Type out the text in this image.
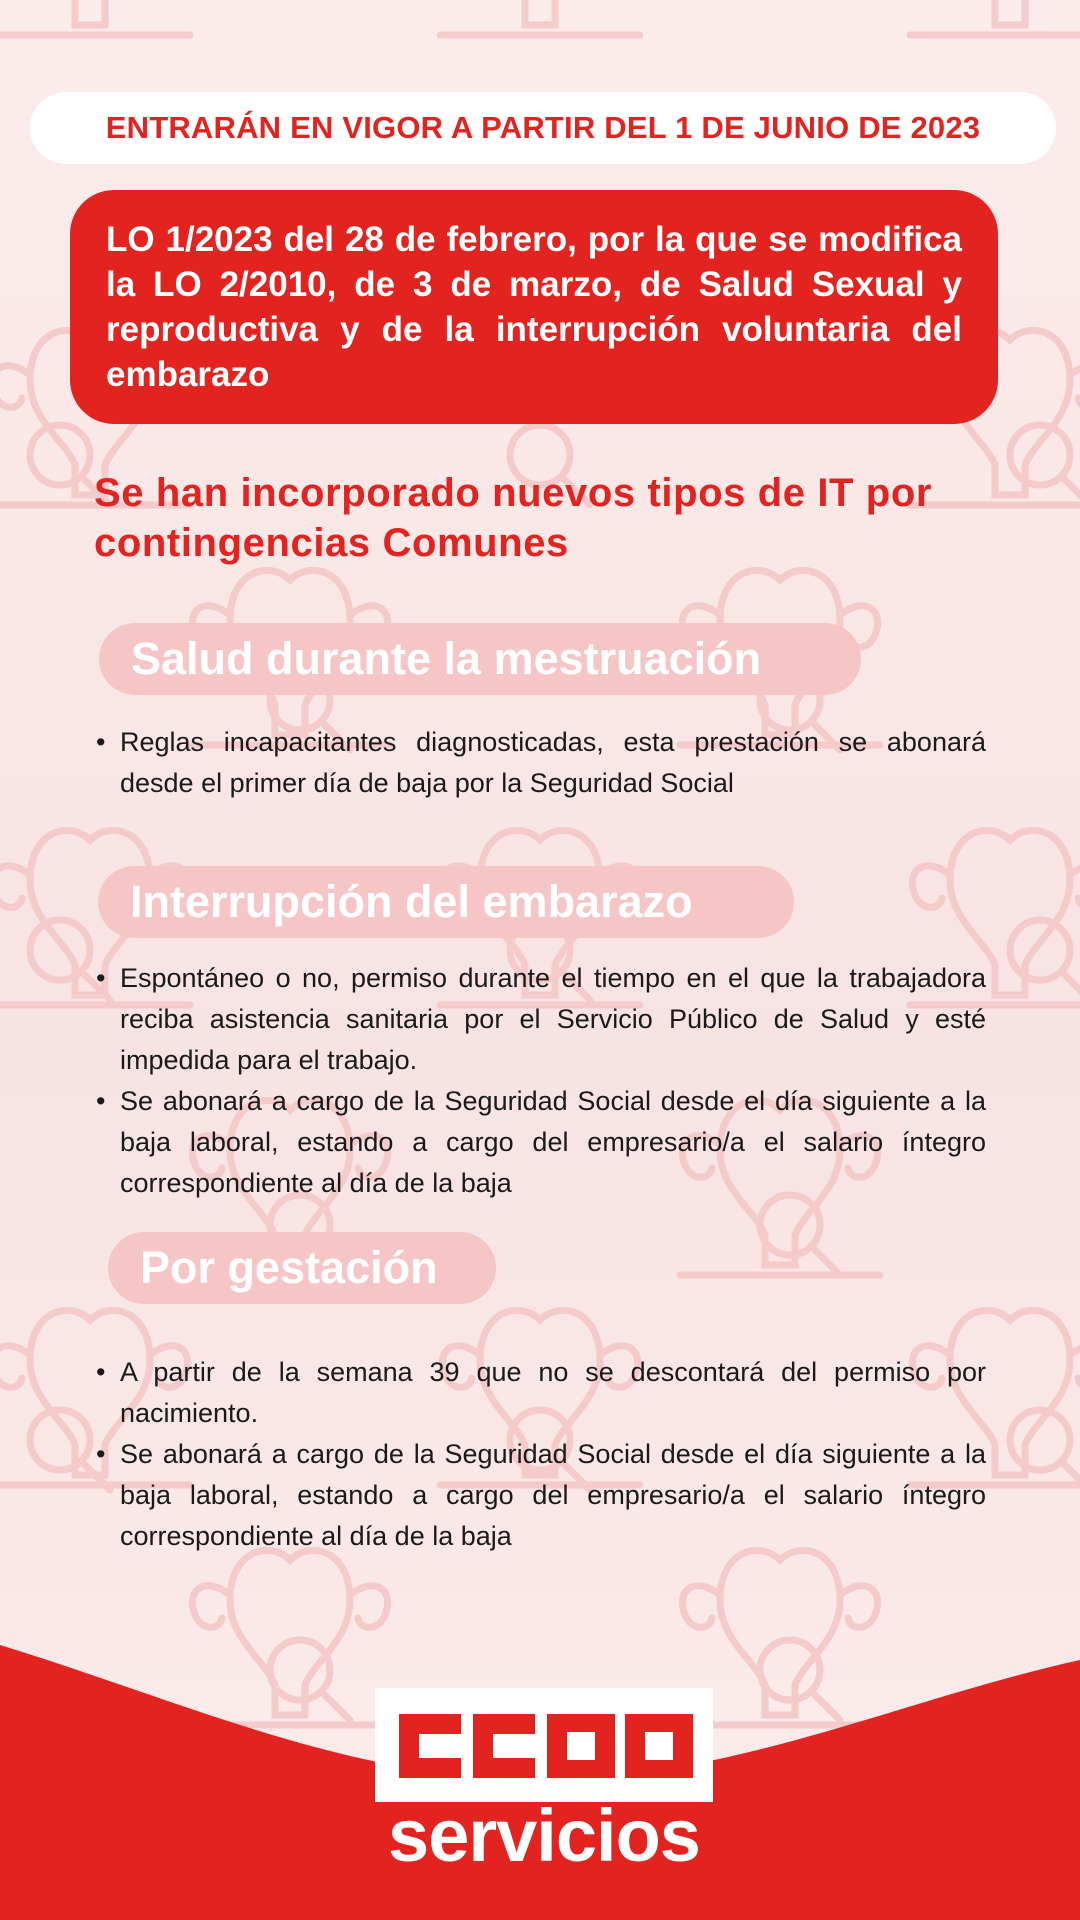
ENTRARÁN EN VIGOR A PARTIR DEL 1 DE JUNIO DE 2023

LO 1/2023 del 28 de febrero, por la que se modifica la LO 2/2010, de 3 de marzo, de Salud Sexual y reproductiva y de la interrupción voluntaria del embarazo

Se han incorporado nuevos tipos de IT por contingencias Comunes
Salud durante la mestruación
• Reglas incapacitantes diagnosticadas, esta prestación se abonará desde el primer día de baja por la Seguridad Social
Interrupción del embarazo
• Espontáneo o no, permiso durante el tiempo en el que la trabajadora reciba asistencia sanitaria por el Servicio Público de Salud y esté impedida para el trabajo.
• Se abonará a cargo de la Seguridad Social desde el día siguiente a la baja laboral, estando a cargo del empresario/a el salario íntegro correspondiente al día de la baja
Por gestación
• A partir de la semana 39 que no se descontará del permiso por nacimiento.
• Se abonará a cargo de la Seguridad Social desde el día siguiente a la baja laboral, estando a cargo del empresario/a el salario íntegro correspondiente al día de la baja
servicios
